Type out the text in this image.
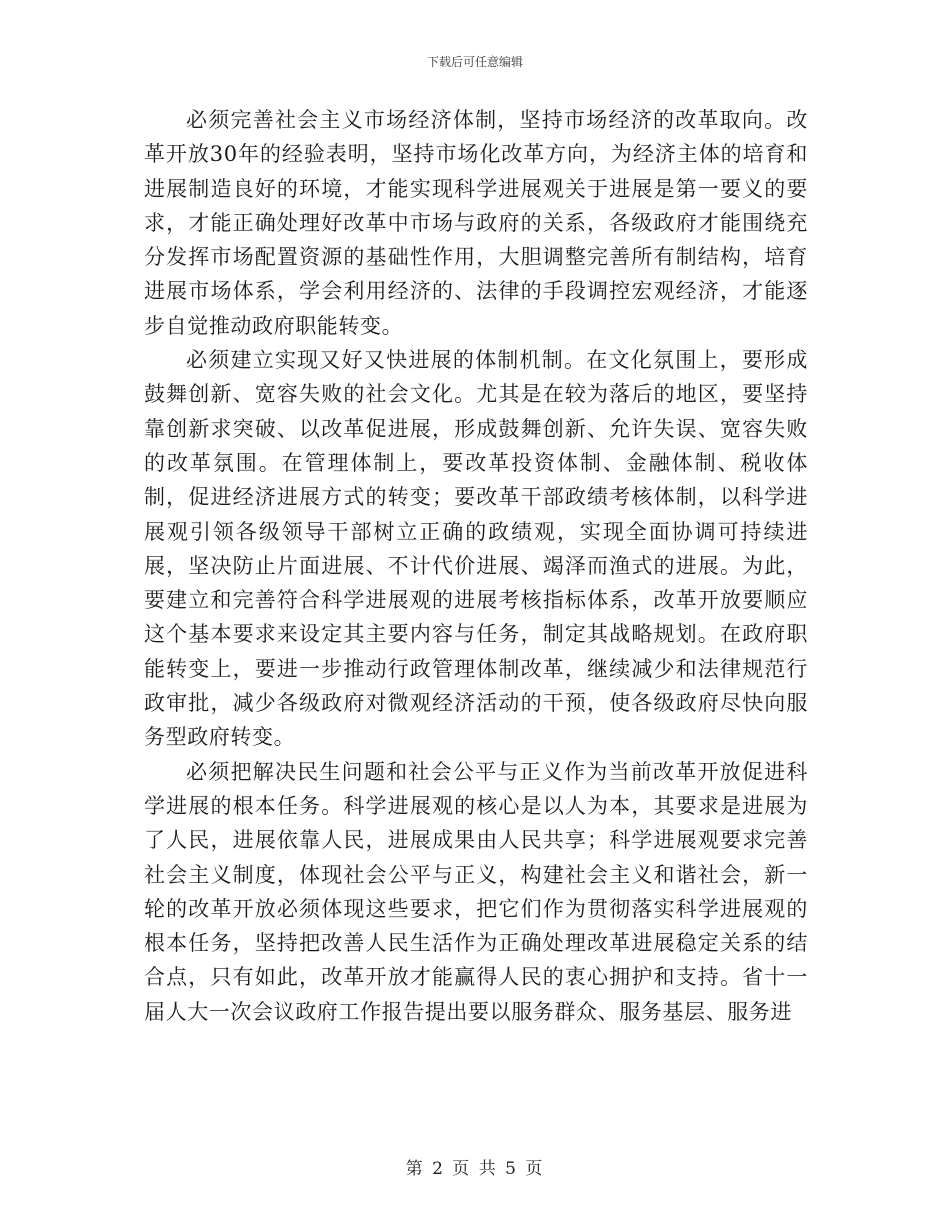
下载后可任意编辑

必须完善社会主义市场经济体制，坚持市场经济的改革取向。改革开放30年的经验表明，坚持市场化改革方向，为经济主体的培育和进展制造良好的环境，才能实现科学进展观关于进展是第一要义的要求，才能正确处理好改革中市场与政府的关系，各级政府才能围绕充分发挥市场配置资源的基础性作用，大胆调整完善所有制结构，培育进展市场体系，学会利用经济的、法律的手段调控宏观经济，才能逐步自觉推动政府职能转变。

必须建立实现又好又快进展的体制机制。在文化氛围上，要形成鼓舞创新、宽容失败的社会文化。尤其是在较为落后的地区，要坚持靠创新求突破、以改革促进展，形成鼓舞创新、允许失误、宽容失败的改革氛围。在管理体制上，要改革投资体制、金融体制、税收体制，促进经济进展方式的转变；要改革干部政绩考核体制，以科学进展观引领各级领导干部树立正确的政绩观，实现全面协调可持续进展，坚决防止片面进展、不计代价进展、竭泽而渔式的进展。为此，要建立和完善符合科学进展观的进展考核指标体系，改革开放要顺应这个基本要求来设定其主要内容与任务，制定其战略规划。在政府职能转变上，要进一步推动行政管理体制改革，继续减少和法律规范行政审批，减少各级政府对微观经济活动的干预，使各级政府尽快向服务型政府转变。

必须把解决民生问题和社会公平与正义作为当前改革开放促进科学进展的根本任务。科学进展观的核心是以人为本，其要求是进展为了人民，进展依靠人民，进展成果由人民共享；科学进展观要求完善社会主义制度，体现社会公平与正义，构建社会主义和谐社会，新一轮的改革开放必须体现这些要求，把它们作为贯彻落实科学进展观的根本任务，坚持把改善人民生活作为正确处理改革进展稳定关系的结合点，只有如此，改革开放才能赢得人民的衷心拥护和支持。省十一届人大一次会议政府工作报告提出要以服务群众、服务基层、服务进

第 2 页 共 5 页
